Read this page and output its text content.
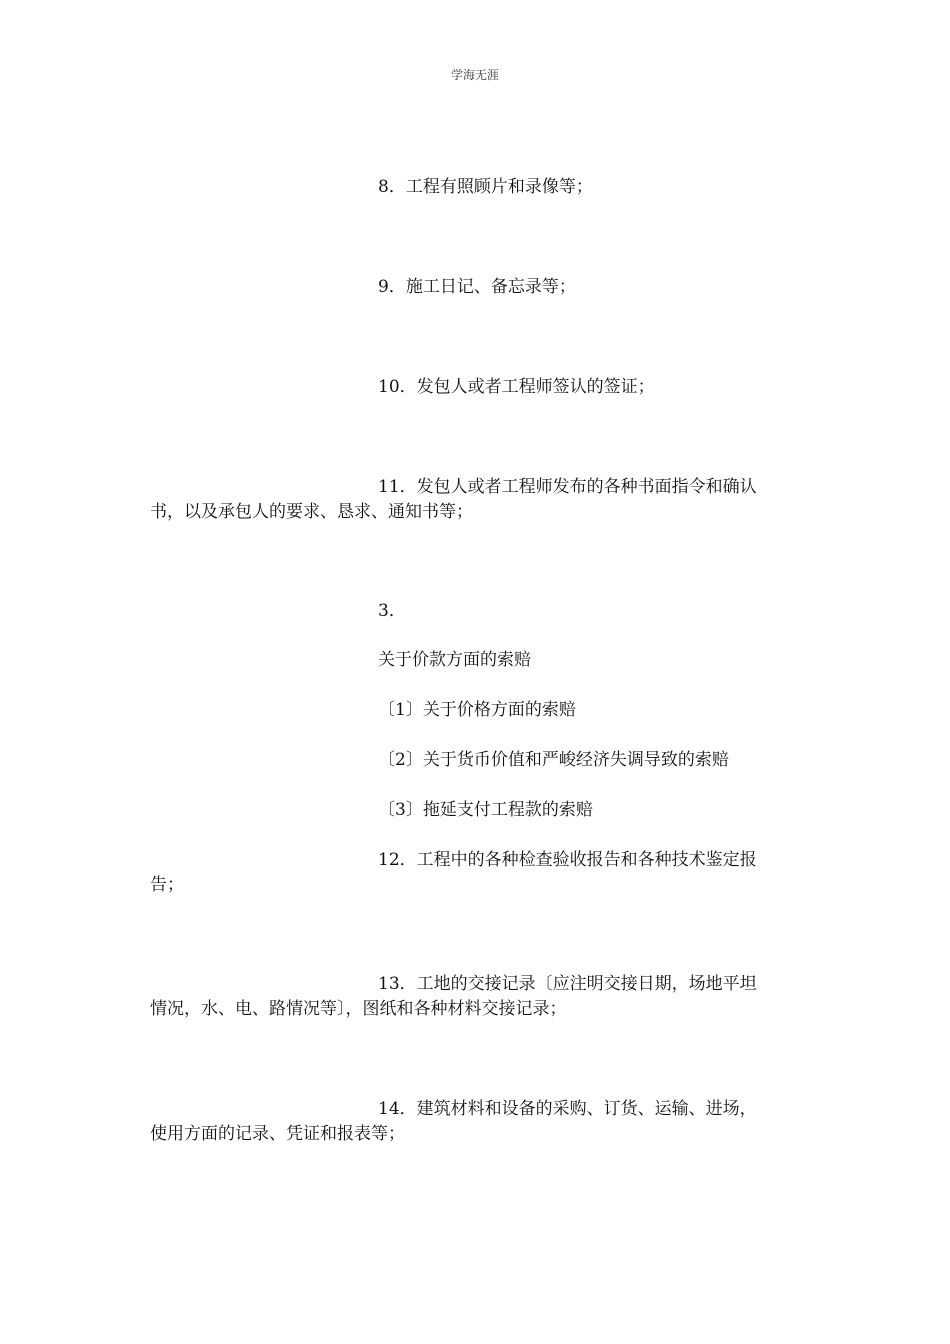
学海无涯
8．工程有照顾片和录像等；
9．施工日记、备忘录等；
10．发包人或者工程师签认的签证；
11．发包人或者工程师发布的各种书面指令和确认
书，以及承包人的要求、恳求、通知书等；
3．
关于价款方面的索赔
〔1〕关于价格方面的索赔
〔2〕关于货币价值和严峻经济失调导致的索赔
〔3〕拖延支付工程款的索赔
12．工程中的各种检查验收报告和各种技术鉴定报
告；
13．工地的交接记录〔应注明交接日期，场地平坦
情况，水、电、路情况等〕，图纸和各种材料交接记录；
14．建筑材料和设备的采购、订货、运输、进场，
使用方面的记录、凭证和报表等；
